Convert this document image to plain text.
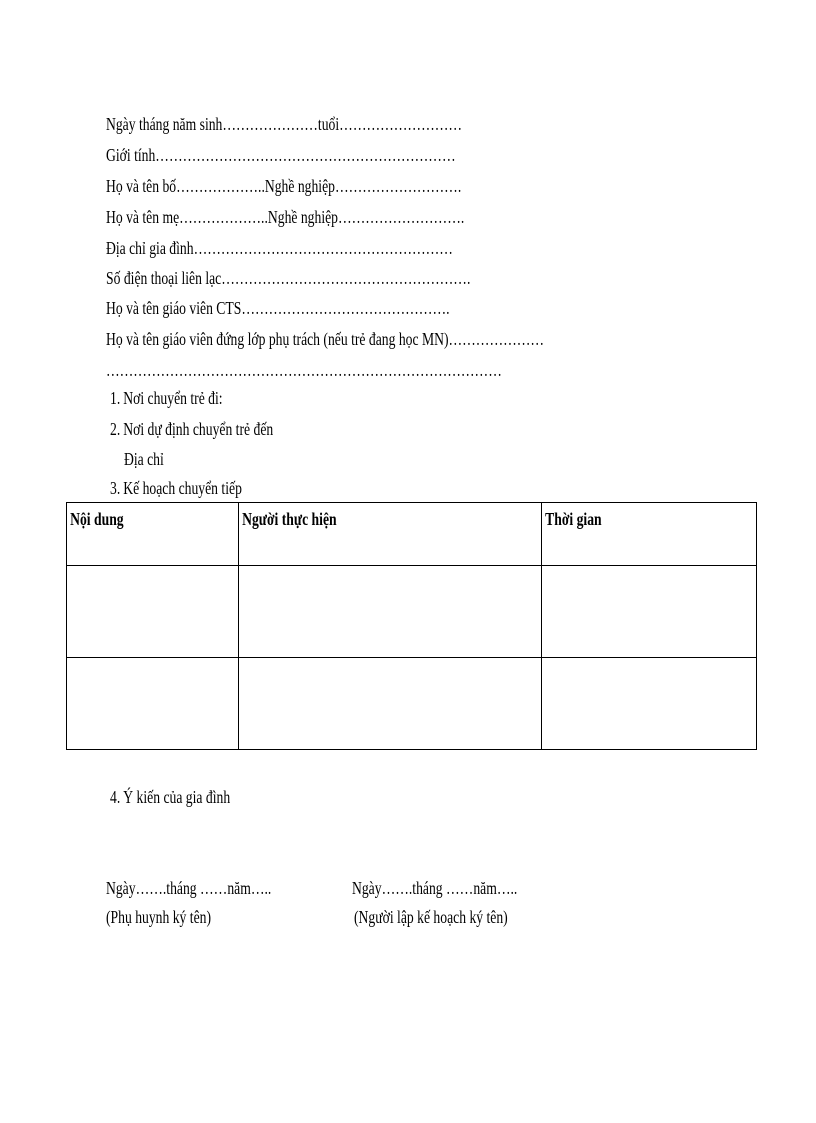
Ngày tháng năm sinh…………………tuổi………………………
Giới tính…………………………………………………………
Họ và tên bố………………..Nghề nghiệp……………………….
Họ và tên mẹ………………..Nghề nghiệp……………………….
Địa chỉ gia đình…………………………………………………
Số điện thoại liên lạc……………………………………………….
Họ và tên giáo viên CTS……………………………………….
Họ và tên giáo viên đứng lớp phụ trách (nếu trẻ đang học MN)…………………
……………………………………………………………………………
1. Nơi chuyển trẻ đi:
2. Nơi dự định chuyển trẻ đến
Địa chỉ
3. Kế hoạch chuyển tiếp
Nội dung	Người thực hiện	Thời gian

4. Ý kiến của gia đình
Ngày…….tháng ……năm…..
(Phụ huynh ký tên)
Ngày…….tháng ……năm…..
(Người lập kế hoạch ký tên)
